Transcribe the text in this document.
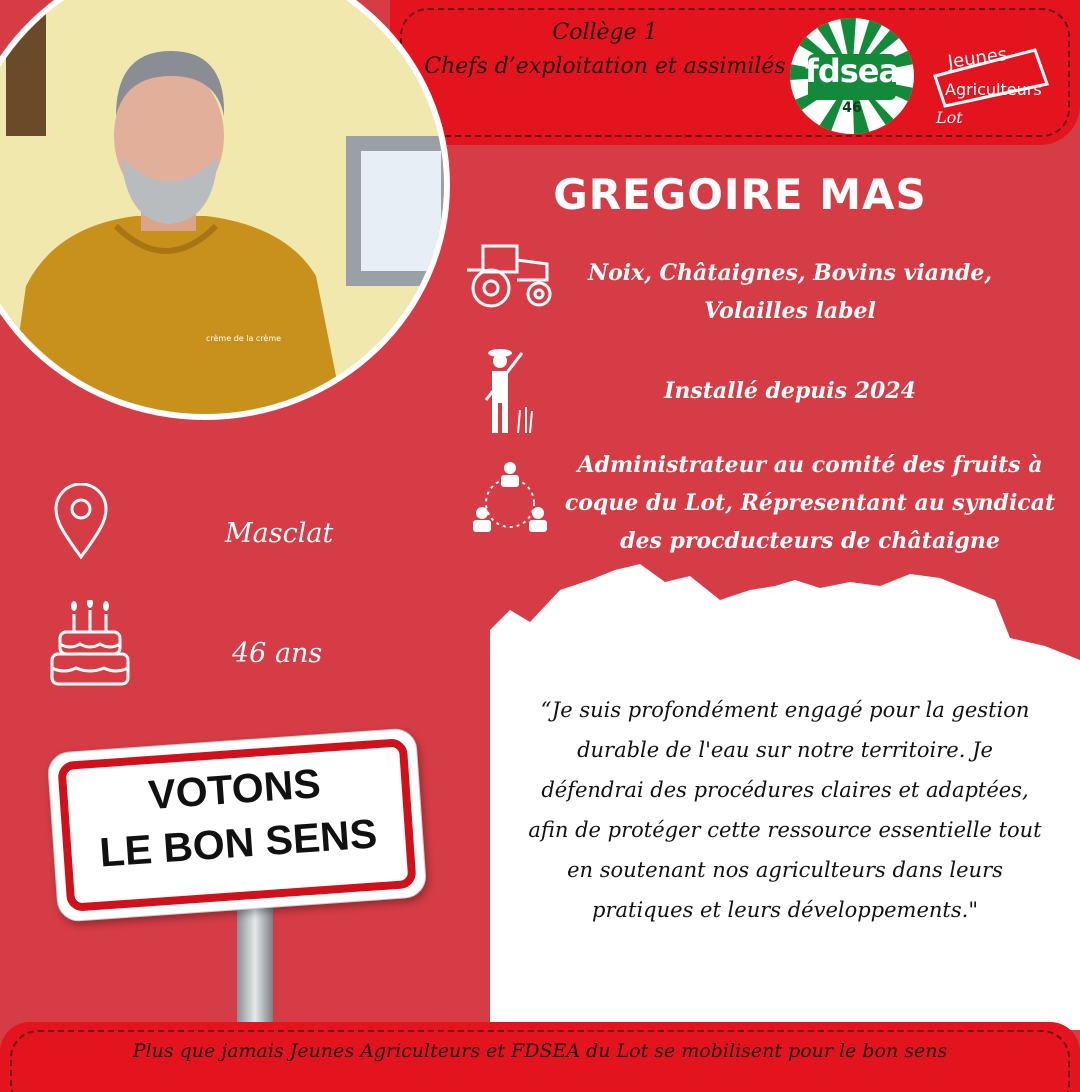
Collège 1
Chefs d’exploitation et assimilés fdsea
46
Jeunes
Agriculteurs
Lot
crème de la crème
GREGOIRE MAS
Noix, Châtaignes, Bovins viande,
Volailles label
Installé depuis 2024
Administrateur au comité des fruits à
coque du Lot, Répresentant au syndicat
des procducteurs de châtaigne
Masclat
46 ans
“Je suis profondément engagé pour la gestion
durable de l'eau sur notre territoire. Je
défendrai des procédures claires et adaptées,
afin de protéger cette ressource essentielle tout
en soutenant nos agriculteurs dans leurs
pratiques et leurs développements."
VOTONS
LE BON SENS
Plus que jamais Jeunes Agriculteurs et FDSEA du Lot se mobilisent pour le bon sens
